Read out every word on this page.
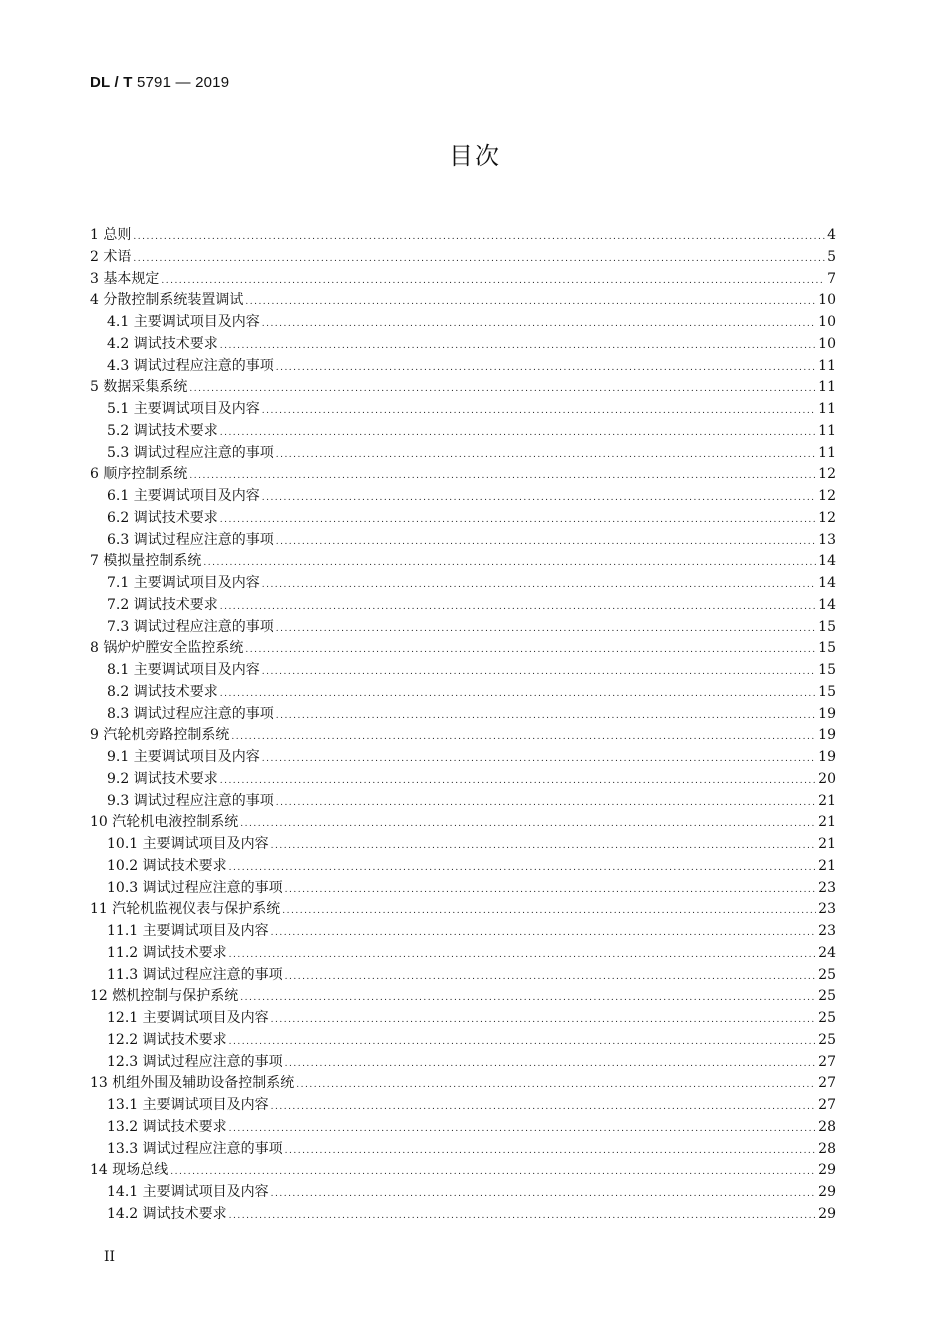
DL / T 5791 — 2019
目次
1 总则 .....	4
2 术语 .....	5
3 基本规定 .....	7
4 分散控制系统装置调试 .....	10
4.1 主要调试项目及内容 .....	10
4.2 调试技术要求 .....	10
4.3 调试过程应注意的事项 .....	11
5 数据采集系统 .....	11
5.1 主要调试项目及内容 .....	11
5.2 调试技术要求 .....	11
5.3 调试过程应注意的事项 .....	11
6 顺序控制系统 .....	12
6.1 主要调试项目及内容 .....	12
6.2 调试技术要求 .....	12
6.3 调试过程应注意的事项 .....	13
7 模拟量控制系统 .....	14
7.1 主要调试项目及内容 .....	14
7.2 调试技术要求 .....	14
7.3 调试过程应注意的事项 .....	15
8 锅炉炉膛安全监控系统 .....	15
8.1 主要调试项目及内容 .....	15
8.2 调试技术要求 .....	15
8.3 调试过程应注意的事项 .....	19
9 汽轮机旁路控制系统 .....	19
9.1 主要调试项目及内容 .....	19
9.2 调试技术要求 .....	20
9.3 调试过程应注意的事项 .....	21
10 汽轮机电液控制系统 .....	21
10.1 主要调试项目及内容 .....	21
10.2 调试技术要求 .....	21
10.3 调试过程应注意的事项 .....	23
11 汽轮机监视仪表与保护系统 .....	23
11.1 主要调试项目及内容 .....	23
11.2 调试技术要求 .....	24
11.3 调试过程应注意的事项 .....	25
12 燃机控制与保护系统 .....	25
12.1 主要调试项目及内容 .....	25
12.2 调试技术要求 .....	25
12.3 调试过程应注意的事项 .....	27
13 机组外围及辅助设备控制系统 .....	27
13.1 主要调试项目及内容 .....	27
13.2 调试技术要求 .....	28
13.3 调试过程应注意的事项 .....	28
14 现场总线 .....	29
14.1 主要调试项目及内容 .....	29
14.2 调试技术要求 .....	29
II
